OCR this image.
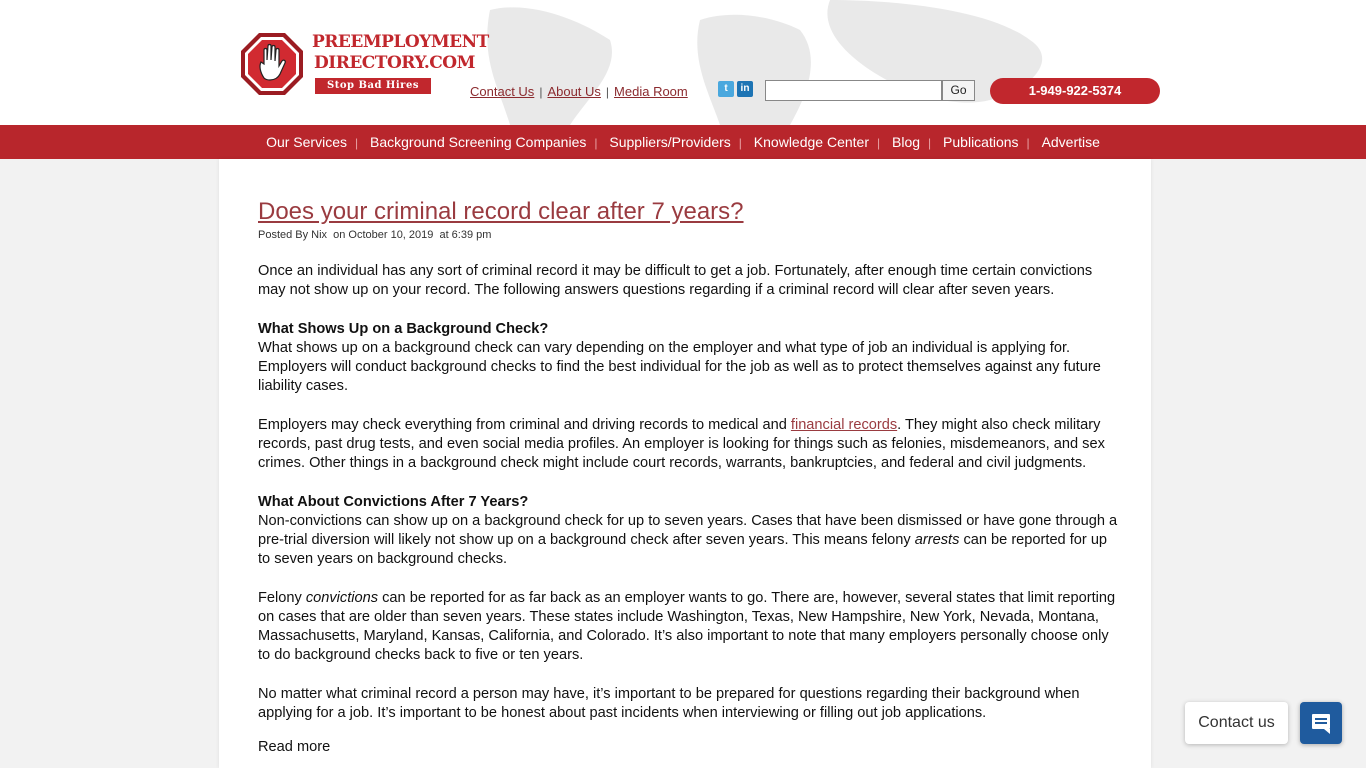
PREEMPLOYMENT
DIRECTORY.COM
Stop Bad Hires	Contact Us | About Us | Media Room	t in	Go	1-949-922-5374
Our Services | Background Screening Companies | Suppliers/Providers | Knowledge Center | Blog | Publications | Advertise
Does your criminal record clear after 7 years?
Posted By Nix on October 10, 2019 at 6:39 pm

Once an individual has any sort of criminal record it may be difficult to get a job. Fortunately, after enough time certain convictions may not show up on your record. The following answers questions regarding if a criminal record will clear after seven years.

What Shows Up on a Background Check?
What shows up on a background check can vary depending on the employer and what type of job an individual is applying for. Employers will conduct background checks to find the best individual for the job as well as to protect themselves against any future liability cases.

Employers may check everything from criminal and driving records to medical and financial records. They might also check military records, past drug tests, and even social media profiles. An employer is looking for things such as felonies, misdemeanors, and sex crimes. Other things in a background check might include court records, warrants, bankruptcies, and federal and civil judgments.

What About Convictions After 7 Years?
Non-convictions can show up on a background check for up to seven years. Cases that have been dismissed or have gone through a pre-trial diversion will likely not show up on a background check after seven years. This means felony arrests can be reported for up to seven years on background checks.

Felony convictions can be reported for as far back as an employer wants to go. There are, however, several states that limit reporting on cases that are older than seven years. These states include Washington, Texas, New Hampshire, New York, Nevada, Montana, Massachusetts, Maryland, Kansas, California, and Colorado. It’s also important to note that many employers personally choose only to do background checks back to five or ten years.

No matter what criminal record a person may have, it’s important to be prepared for questions regarding their background when applying for a job. It’s important to be honest about past incidents when interviewing or filling out job applications.

Read more
Contact us
